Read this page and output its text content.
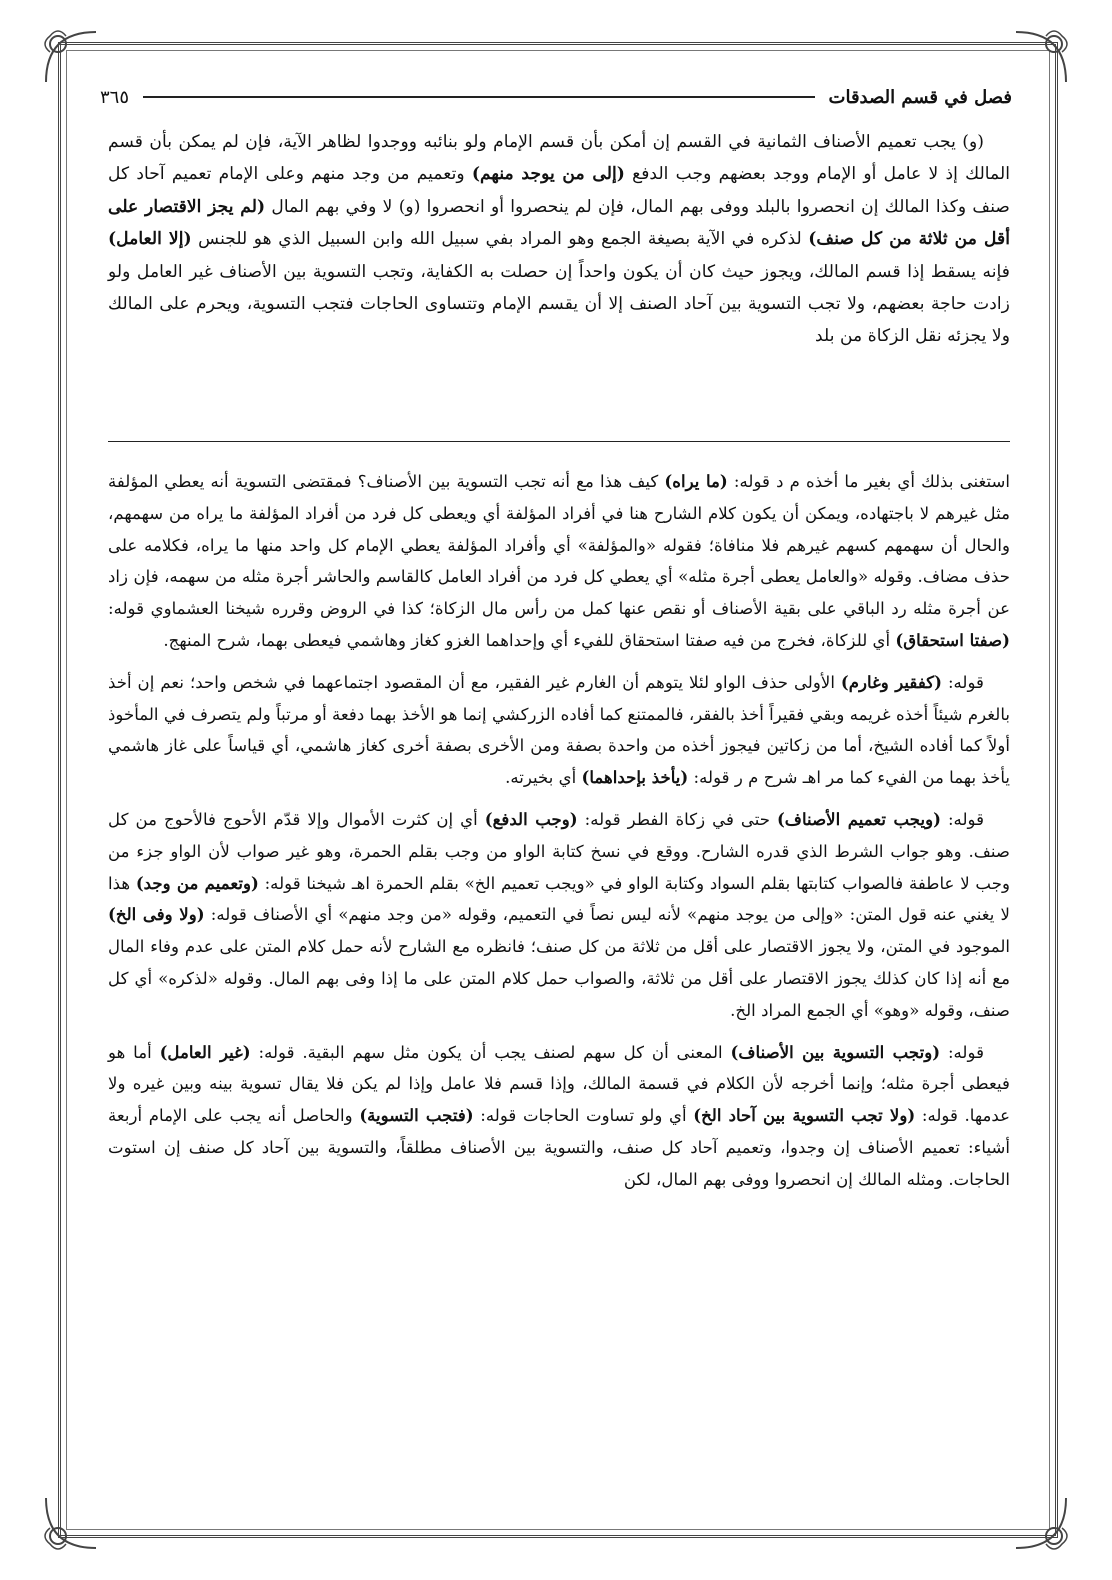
فصل في قسم الصدقات
٣٦٥

(و) يجب تعميم الأصناف الثمانية في القسم إن أمكن بأن قسم الإمام ولو بنائبه ووجدوا لظاهر الآية، فإن لم يمكن بأن قسم المالك إذ لا عامل أو الإمام ووجد بعضهم وجب الدفع (إلى من يوجد منهم) وتعميم من وجد منهم وعلى الإمام تعميم آحاد كل صنف وكذا المالك إن انحصروا بالبلد ووفى بهم المال، فإن لم ينحصروا أو انحصروا (و) لا وفي بهم المال (لم يجز الاقتصار على أقل من ثلاثة من كل صنف) لذكره في الآية بصيغة الجمع وهو المراد بفي سبيل الله وابن السبيل الذي هو للجنس (إلا العامل) فإنه يسقط إذا قسم المالك، ويجوز حيث كان أن يكون واحداً إن حصلت به الكفاية، وتجب التسوية بين الأصناف غير العامل ولو زادت حاجة بعضهم، ولا تجب التسوية بين آحاد الصنف إلا أن يقسم الإمام وتتساوى الحاجات فتجب التسوية، ويحرم على المالك ولا يجزئه نقل الزكاة من بلد

استغنى بذلك أي بغير ما أخذه م د قوله: (ما يراه) كيف هذا مع أنه تجب التسوية بين الأصناف؟ فمقتضى التسوية أنه يعطي المؤلفة مثل غيرهم لا باجتهاده، ويمكن أن يكون كلام الشارح هنا في أفراد المؤلفة أي ويعطى كل فرد من أفراد المؤلفة ما يراه من سهمهم، والحال أن سهمهم كسهم غيرهم فلا منافاة؛ فقوله «والمؤلفة» أي وأفراد المؤلفة يعطي الإمام كل واحد منها ما يراه، فكلامه على حذف مضاف. وقوله «والعامل يعطى أجرة مثله» أي يعطي كل فرد من أفراد العامل كالقاسم والحاشر أجرة مثله من سهمه، فإن زاد عن أجرة مثله رد الباقي على بقية الأصناف أو نقص عنها كمل من رأس مال الزكاة؛ كذا في الروض وقرره شيخنا العشماوي قوله: (صفتا استحقاق) أي للزكاة، فخرج من فيه صفتا استحقاق للفيء أي وإحداهما الغزو كغاز وهاشمي فيعطى بهما، شرح المنهج.

قوله: (كفقير وغارم) الأولى حذف الواو لئلا يتوهم أن الغارم غير الفقير، مع أن المقصود اجتماعهما في شخص واحد؛ نعم إن أخذ بالغرم شيئاً أخذه غريمه وبقي فقيراً أخذ بالفقر، فالممتنع كما أفاده الزركشي إنما هو الأخذ بهما دفعة أو مرتباً ولم يتصرف في المأخوذ أولاً كما أفاده الشيخ، أما من زكاتين فيجوز أخذه من واحدة بصفة ومن الأخرى بصفة أخرى كغاز هاشمي، أي قياساً على غاز هاشمي يأخذ بهما من الفيء كما مر اهـ شرح م ر قوله: (يأخذ بإحداهما) أي بخيرته.

قوله: (ويجب تعميم الأصناف) حتى في زكاة الفطر قوله: (وجب الدفع) أي إن كثرت الأموال وإلا قدّم الأحوج فالأحوج من كل صنف. وهو جواب الشرط الذي قدره الشارح. ووقع في نسخ كتابة الواو من وجب بقلم الحمرة، وهو غير صواب لأن الواو جزء من وجب لا عاطفة فالصواب كتابتها بقلم السواد وكتابة الواو في «ويجب تعميم الخ» بقلم الحمرة اهـ شيخنا قوله: (وتعميم من وجد) هذا لا يغني عنه قول المتن: «وإلى من يوجد منهم» لأنه ليس نصاً في التعميم، وقوله «من وجد منهم» أي الأصناف قوله: (ولا وفى الخ) الموجود في المتن، ولا يجوز الاقتصار على أقل من ثلاثة من كل صنف؛ فانظره مع الشارح لأنه حمل كلام المتن على عدم وفاء المال مع أنه إذا كان كذلك يجوز الاقتصار على أقل من ثلاثة، والصواب حمل كلام المتن على ما إذا وفى بهم المال. وقوله «لذكره» أي كل صنف، وقوله «وهو» أي الجمع المراد الخ.

قوله: (وتجب التسوية بين الأصناف) المعنى أن كل سهم لصنف يجب أن يكون مثل سهم البقية. قوله: (غير العامل) أما هو فيعطى أجرة مثله؛ وإنما أخرجه لأن الكلام في قسمة المالك، وإذا قسم فلا عامل وإذا لم يكن فلا يقال تسوية بينه وبين غيره ولا عدمها. قوله: (ولا تجب التسوية بين آحاد الخ) أي ولو تساوت الحاجات قوله: (فتجب التسوية) والحاصل أنه يجب على الإمام أربعة أشياء: تعميم الأصناف إن وجدوا، وتعميم آحاد كل صنف، والتسوية بين الأصناف مطلقاً، والتسوية بين آحاد كل صنف إن استوت الحاجات. ومثله المالك إن انحصروا ووفى بهم المال، لكن
